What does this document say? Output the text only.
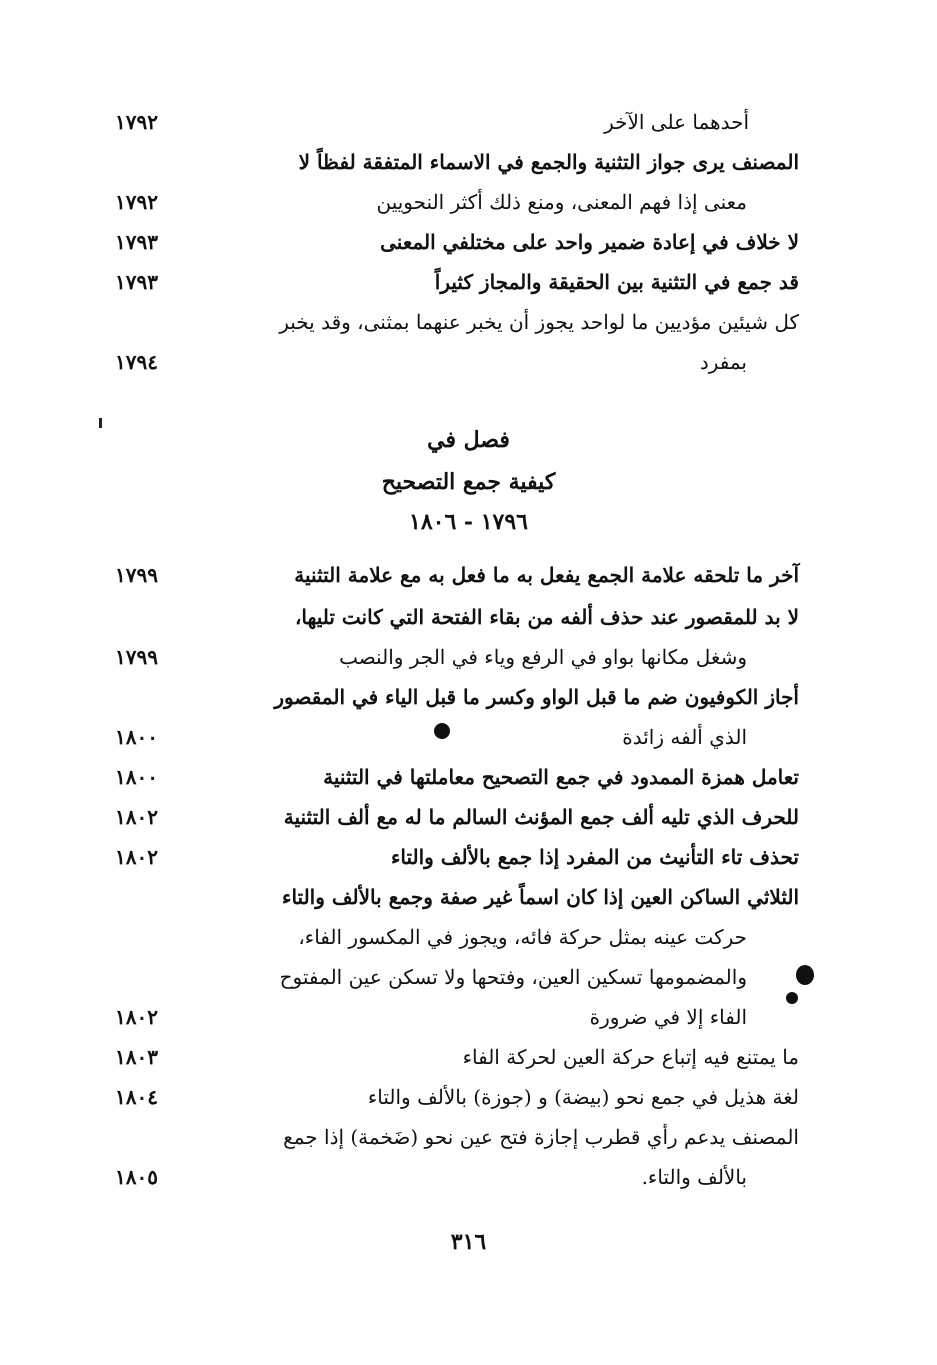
أحدهما على الآخر
١٧٩٢
المصنف يرى جواز التثنية والجمع في الاسماء المتفقة لفظاً لا
معنى إذا فهم المعنى، ومنع ذلك أكثر النحويين
١٧٩٢
لا خلاف في إعادة ضمير واحد على مختلفي المعنى
١٧٩٣
قد جمع في التثنية بين الحقيقة والمجاز كثيراً
١٧٩٣
كل شيئين مؤديين ما لواحد يجوز أن يخبر عنهما بمثنى، وقد يخبر
بمفرد
١٧٩٤
فصل في
كيفية جمع التصحيح
١٧٩٦ - ١٨٠٦
آخر ما تلحقه علامة الجمع يفعل به ما فعل به مع علامة التثنية
١٧٩٩
لا بد للمقصور عند حذف ألفه من بقاء الفتحة التي كانت تليها،
وشغل مكانها بواو في الرفع وياء في الجر والنصب
١٧٩٩
أجاز الكوفيون ضم ما قبل الواو وكسر ما قبل الياء في المقصور
الذي ألفه زائدة
١٨٠٠
تعامل همزة الممدود في جمع التصحيح معاملتها في التثنية
١٨٠٠
للحرف الذي تليه ألف جمع المؤنث السالم ما له مع ألف التثنية
١٨٠٢
تحذف تاء التأنيث من المفرد إذا جمع بالألف والتاء
١٨٠٢
الثلاثي الساكن العين إذا كان اسماً غير صفة وجمع بالألف والتاء
حركت عينه بمثل حركة فائه، ويجوز في المكسور الفاء،
والمضمومها تسكين العين، وفتحها ولا تسكن عين المفتوح
الفاء إلا في ضرورة
١٨٠٢
ما يمتنع فيه إتباع حركة العين لحركة الفاء
١٨٠٣
لغة هذيل في جمع نحو (بيضة) و (جوزة) بالألف والتاء
١٨٠٤
المصنف يدعم رأي قطرب إجازة فتح عين نحو (ضَخمة) إذا جمع
بالألف والتاء.
١٨٠٥
٣١٦
